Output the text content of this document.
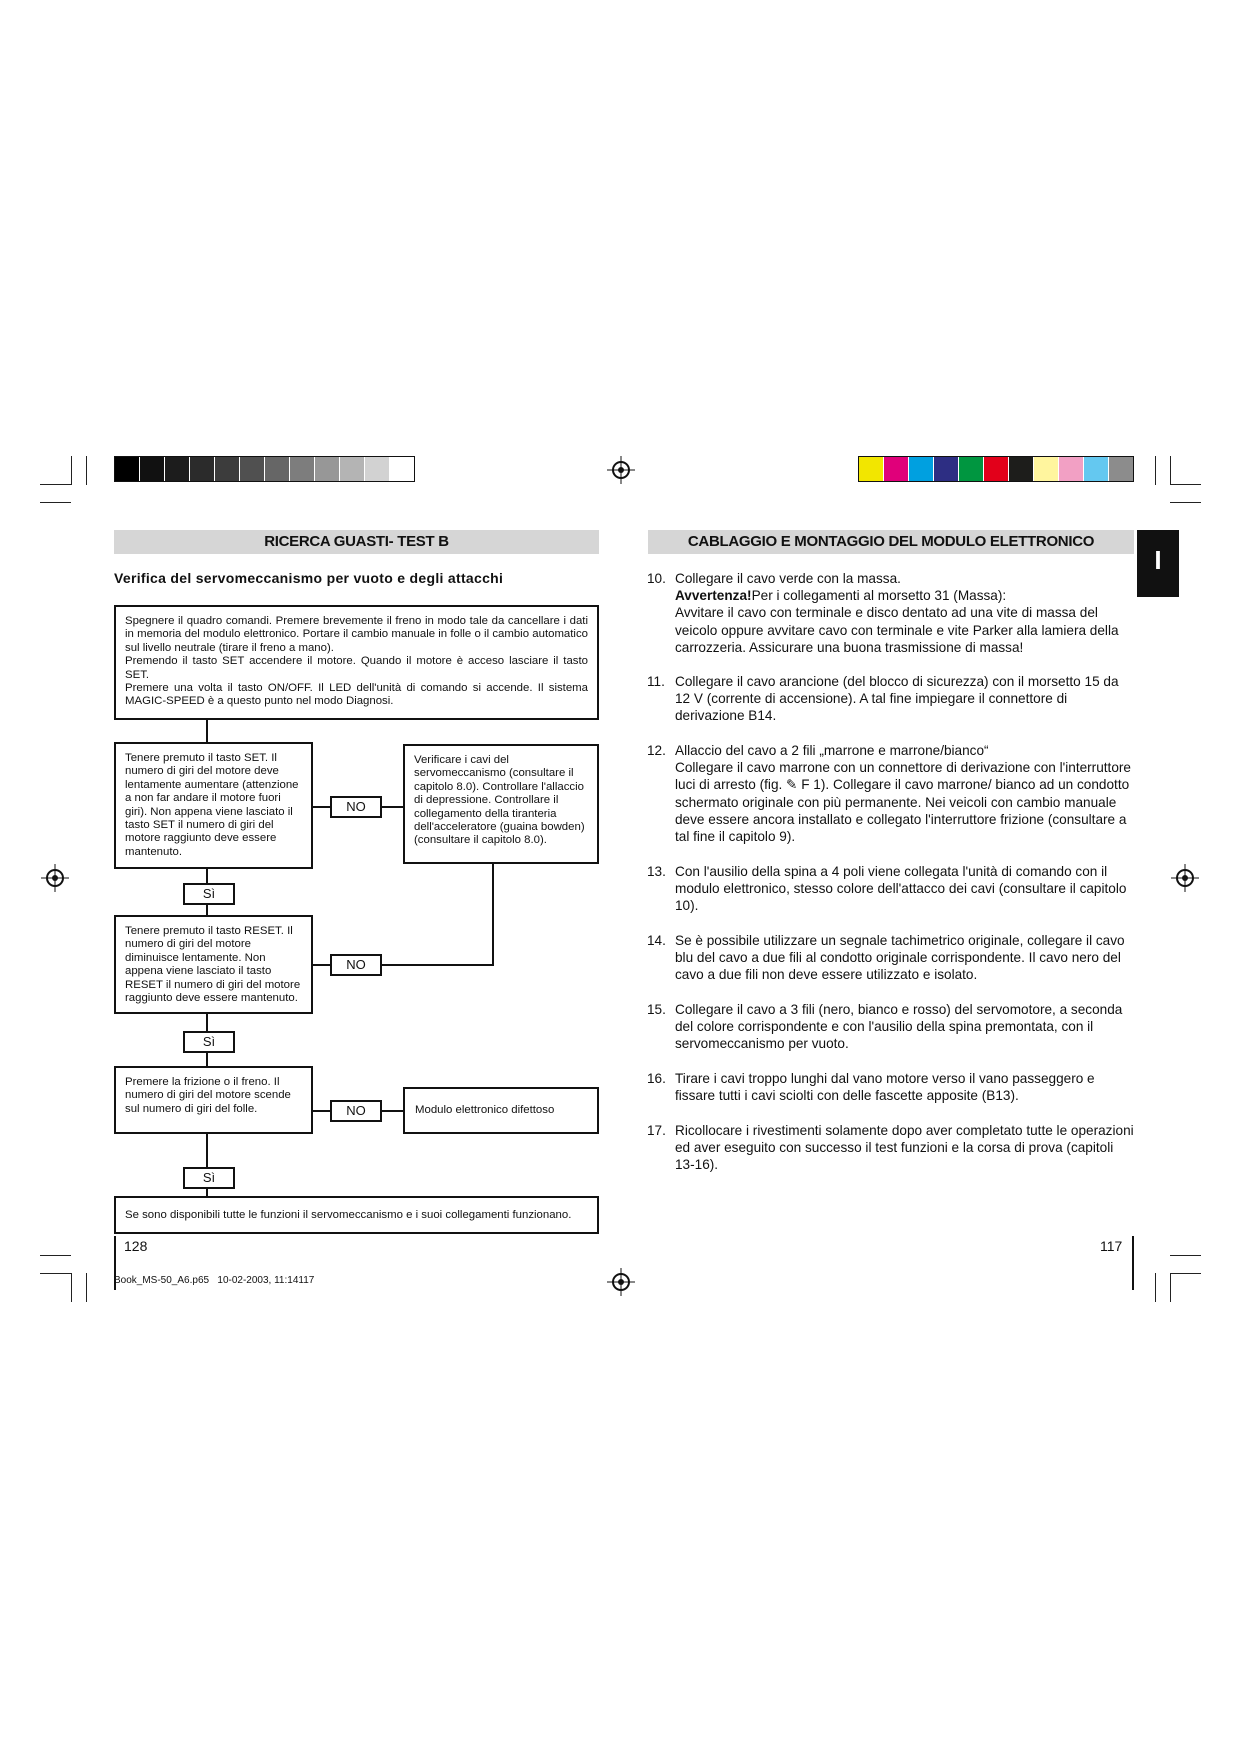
RICERCA GUASTI- TEST B
Verifica del servomeccanismo per vuoto e degli attacchi
Spegnere il quadro comandi. Premere brevemente il freno in modo tale da cancellare i dati in memoria del modulo elettronico. Portare il cambio manuale in folle o il cambio automatico sul livello neutrale (tirare il freno a mano).
Premendo il tasto SET accendere il motore. Quando il motore è acceso lasciare il tasto SET.
Premere una volta il tasto ON/OFF. Il LED dell'unità di comando si accende. Il sistema MAGIC-SPEED è a questo punto nel modo Diagnosi.
Tenere premuto il tasto SET. Il numero di giri del motore deve lentamente aumentare (attenzione a non far andare il motore fuori giri). Non appena viene lasciato il tasto SET il numero di giri del motore raggiunto deve essere mantenuto.
NO
Verificare i cavi del servomeccanismo (consultare il capitolo 8.0). Controllare l'allaccio di depressione. Controllare il collegamento della tiranteria dell'acceleratore (guaina bowden)(consultare il capitolo 8.0).
Sì
Tenere premuto il tasto RESET. Il numero di giri del motore diminuisce lentamente. Non appena viene lasciato il tasto RESET il numero di giri del motore raggiunto deve essere mantenuto.
NO
Sì
Premere la frizione o il freno. Il numero di giri del motore scende sul numero di giri del folle.	NO	Modulo elettronico difettoso
Sì
Se sono disponibili tutte le funzioni il servomeccanismo e i suoi collegamenti funzionano.
128
Book_MS-50_A6.p65   10-02-2003, 11:14117
CABLAGGIO E MONTAGGIO DEL MODULO ELETTRONICO
I
10. Collegare il cavo verde con la massa.
Avvertenza!Per i collegamenti al morsetto 31 (Massa):
Avvitare il cavo con terminale e disco dentato ad una vite di massa del veicolo oppure avvitare cavo con terminale e vite Parker alla lamiera della carrozzeria. Assicurare una buona trasmissione di massa!
11. Collegare il cavo arancione (del blocco di sicurezza) con il morsetto 15 da 12 V (corrente di accensione). A tal fine impiegare il connettore di derivazione B14.
12. Allaccio del cavo a 2 fili „marrone e marrone/bianco“
Collegare il cavo marrone con un connettore di derivazione con l'interruttore luci di arresto (fig. ✎ F 1). Collegare il cavo marrone/ bianco ad un condotto schermato originale con più permanente. Nei veicoli con cambio manuale deve essere ancora installato e collegato l'interruttore frizione (consultare a tal fine il capitolo 9).
13. Con l'ausilio della spina a 4 poli viene collegata l'unità di comando con il modulo elettronico, stesso colore dell'attacco dei cavi (consultare il capitolo 10).
14. Se è possibile utilizzare un segnale tachimetrico originale, collegare il cavo blu del cavo a due fili al condotto originale corrispondente. Il cavo nero del cavo a due fili non deve essere utilizzato e isolato.
15. Collegare il cavo a 3 fili (nero, bianco e rosso) del servomotore, a seconda del colore corrispondente e con l'ausilio della spina premontata, con il servomeccanismo per vuoto.
16. Tirare i cavi troppo lunghi dal vano motore verso il vano passeggero e fissare tutti i cavi sciolti con delle fascette apposite (B13).
17. Ricollocare i rivestimenti solamente dopo aver completato tutte le operazioni ed aver eseguito con successo il test funzioni e la corsa di prova (capitoli 13-16).
117
